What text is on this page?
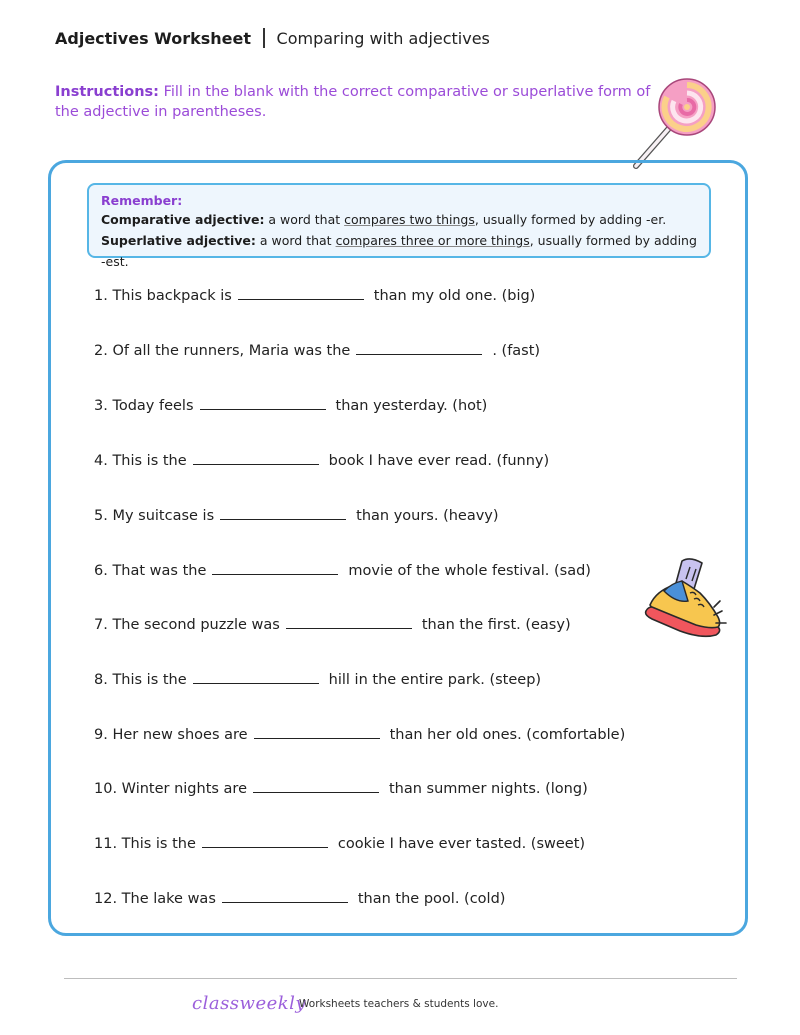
Adjectives Worksheet Comparing with adjectives
Instructions: Fill in the blank with the correct comparative or superlative form of the adjective in parentheses.
Remember:
Comparative adjective: a word that compares two things, usually formed by adding -er.
Superlative adjective: a word that compares three or more things, usually formed by adding -est.
1. This backpack is	than my old one. (big)
2. Of all the runners, Maria was the	. (fast)
3. Today feels	than yesterday. (hot)
4. This is the	book I have ever read. (funny)
5. My suitcase is	than yours. (heavy)
6. That was the	movie of the whole festival. (sad)
7. The second puzzle was	than the first. (easy)
8. This is the	hill in the entire park. (steep)
9. Her new shoes are	than her old ones. (comfortable)
10. Winter nights are	than summer nights. (long)
11. This is the	cookie I have ever tasted. (sweet)
12. The lake was	than the pool. (cold)
classweekly
Worksheets teachers & students love.
